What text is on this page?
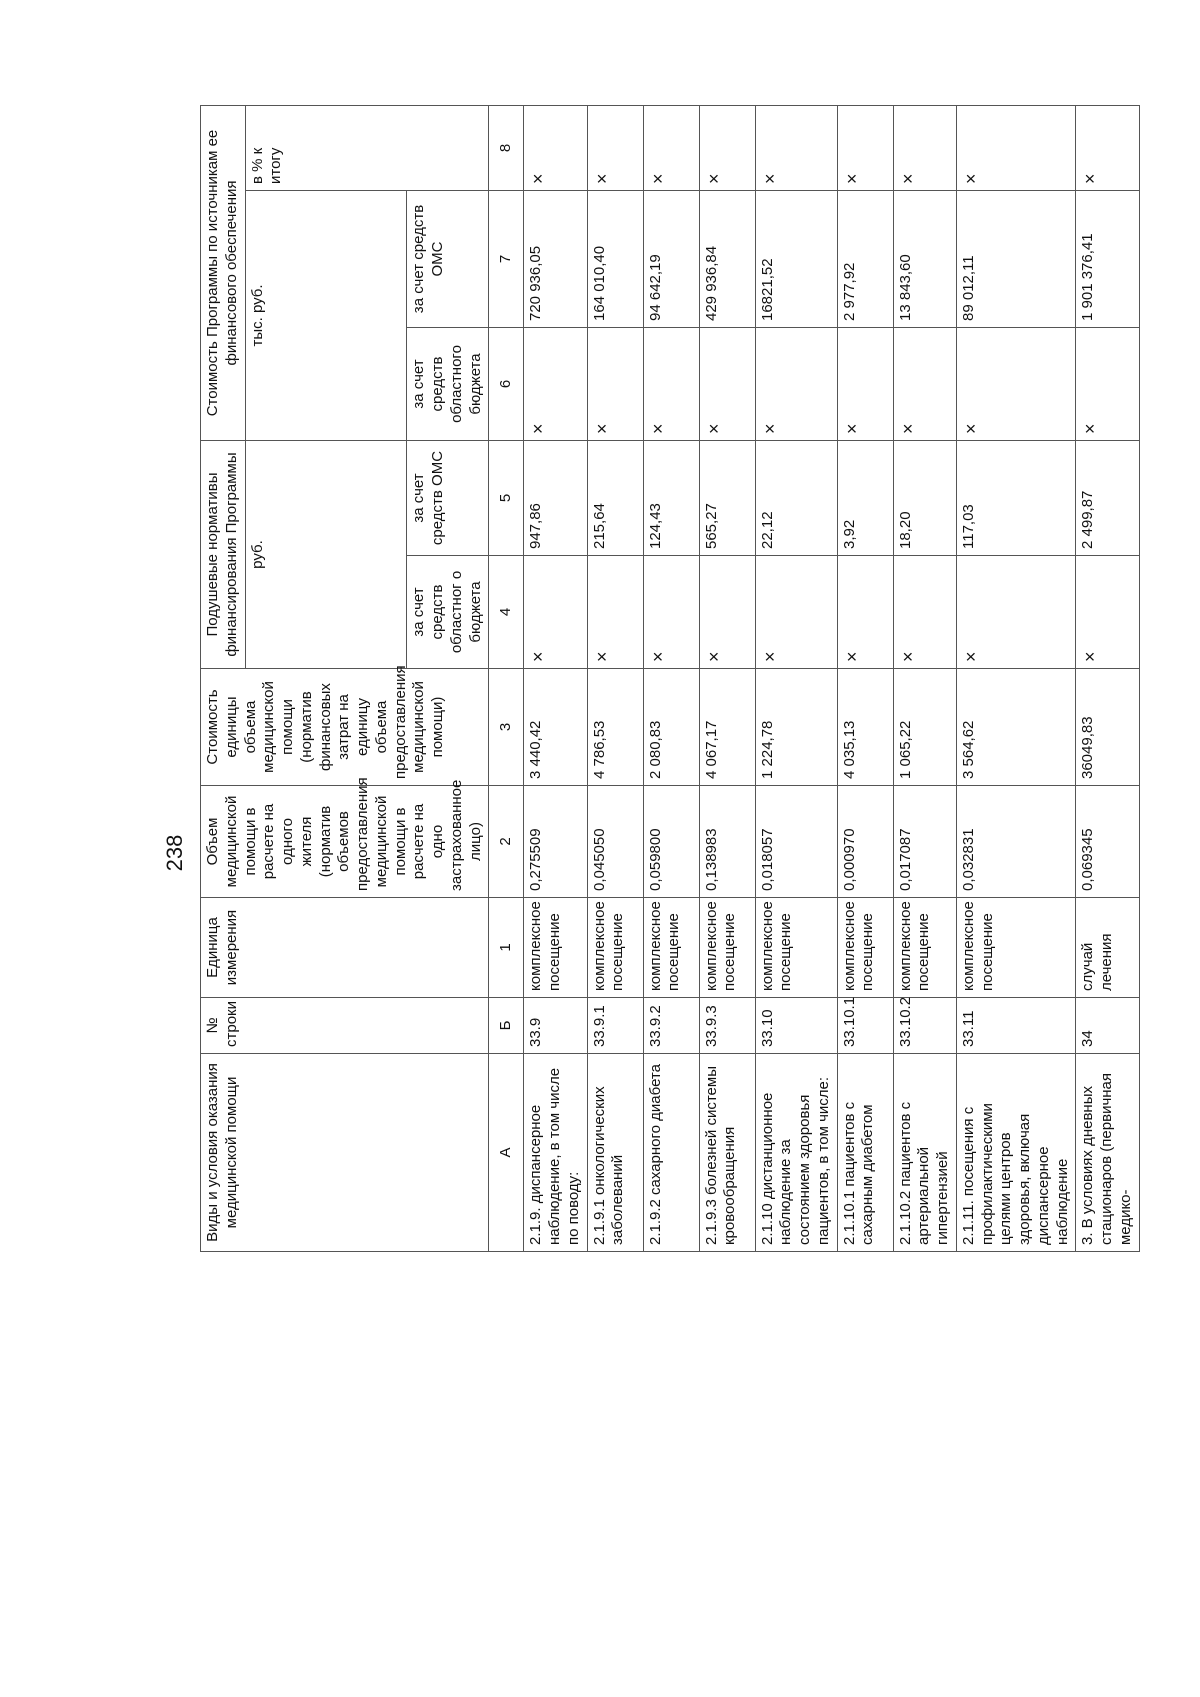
238
Виды и условия оказания медицинской помощи	№ строки	Единица измерения	Объем медицинской помощи в расчете на одного жителя (норматив объемов предоставления медицинской помощи в расчете на одно застрахованное лицо)	Стоимость единицы объема медицинской помощи (норматив финансовых затрат на единицу объема предоставления медицинской помощи)	Подушевые нормативы финансирования Программы		Стоимость Программы по источникам ее финансового обеспечения		
					руб.		тыс. руб.		в % к итогу
					за счет средств областног о бюджета	за счет средств ОМС	за счет средств областного бюджета	за счет средств ОМС	
А	Б	1	2	3	4	5	6	7	8
2.1.9. диспансерное наблюдение, в том числе по поводу:	33.9	комплексное посещение	0,275509	3 440,42	×	947,86	×	720 936,05	×
2.1.9.1 онкологических заболеваний	33.9.1	комплексное посещение	0,045050	4 786,53	×	215,64	×	164 010,40	×
2.1.9.2 сахарного диабета	33.9.2	комплексное посещение	0,059800	2 080,83	×	124,43	×	94 642,19	×
2.1.9.3 болезней системы кровообращения	33.9.3	комплексное посещение	0,138983	4 067,17	×	565,27	×	429 936,84	×
2.1.10 дистанционное наблюдение за состоянием здоровья пациентов, в том числе:	33.10	комплексное посещение	0,018057	1 224,78	×	22,12	×	16821,52	×
2.1.10.1 пациентов с сахарным диабетом	33.10.1	комплексное посещение	0,000970	4 035,13	×	3,92	×	2 977,92	×
2.1.10.2 пациентов с артериальной гипертензией	33.10.2	комплексное посещение	0,017087	1 065,22	×	18,20	×	13 843,60	×
2.1.11. посещения с профилактическими целями центров здоровья, включая диспансерное наблюдение	33.11	комплексное посещение	0,032831	3 564,62	×	117,03	×	89 012,11	×
3. В условиях дневных стационаров (первичная медико-	34	случай лечения	0,069345	36049,83	×	2 499,87	×	1 901 376,41	×
